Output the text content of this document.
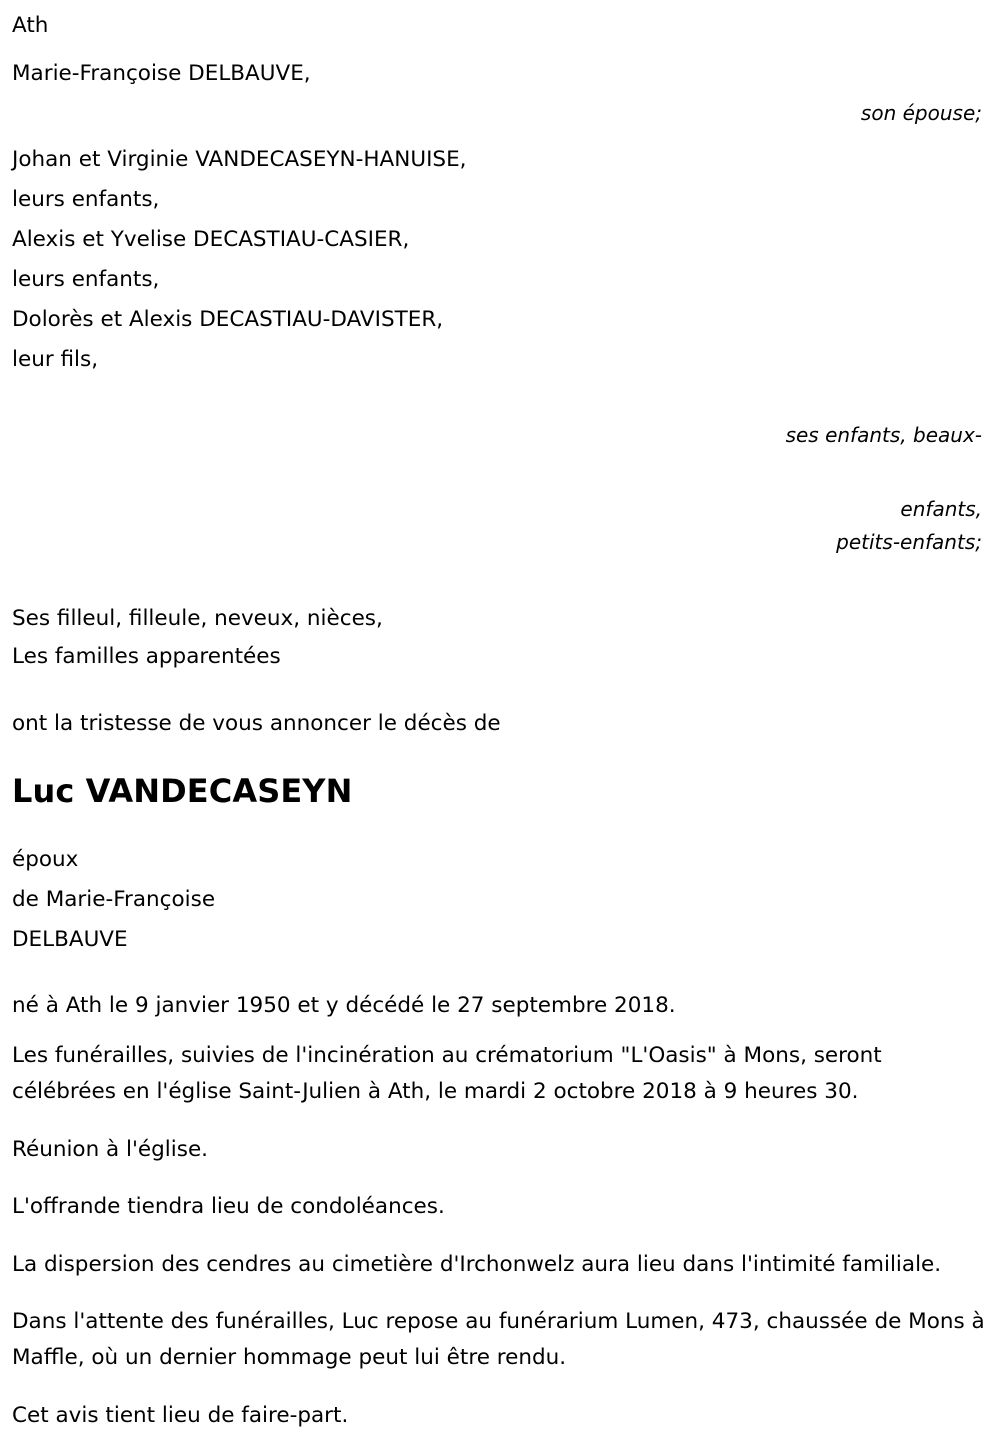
Ath
Marie-Françoise DELBAUVE,
son épouse;
Johan et Virginie VANDECASEYN-HANUISE,
leurs enfants,
Alexis et Yvelise DECASTIAU-CASIER,
leurs enfants,
Dolorès et Alexis DECASTIAU-DAVISTER,
leur fils,

ses enfants, beaux-

enfants,

petits-enfants;

Ses filleul, filleule, neveux, nièces,
Les familles apparentées
ont la tristesse de vous annoncer le décès de
Luc VANDECASEYN
époux
de Marie-Françoise
DELBAUVE
né à Ath le 9 janvier 1950 et y décédé le 27 septembre 2018.

Les funérailles, suivies de l'incinération au crématorium "L'Oasis" à Mons, seront célébrées en l'église Saint-Julien à Ath, le mardi 2 octobre 2018 à 9 heures 30.

Réunion à l'église.

L'offrande tiendra lieu de condoléances.

La dispersion des cendres au cimetière d'Irchonwelz aura lieu dans l'intimité familiale.

Dans l'attente des funérailles, Luc repose au funérarium Lumen, 473, chaussée de Mons à Maffle, où un dernier hommage peut lui être rendu.

Cet avis tient lieu de faire-part.
